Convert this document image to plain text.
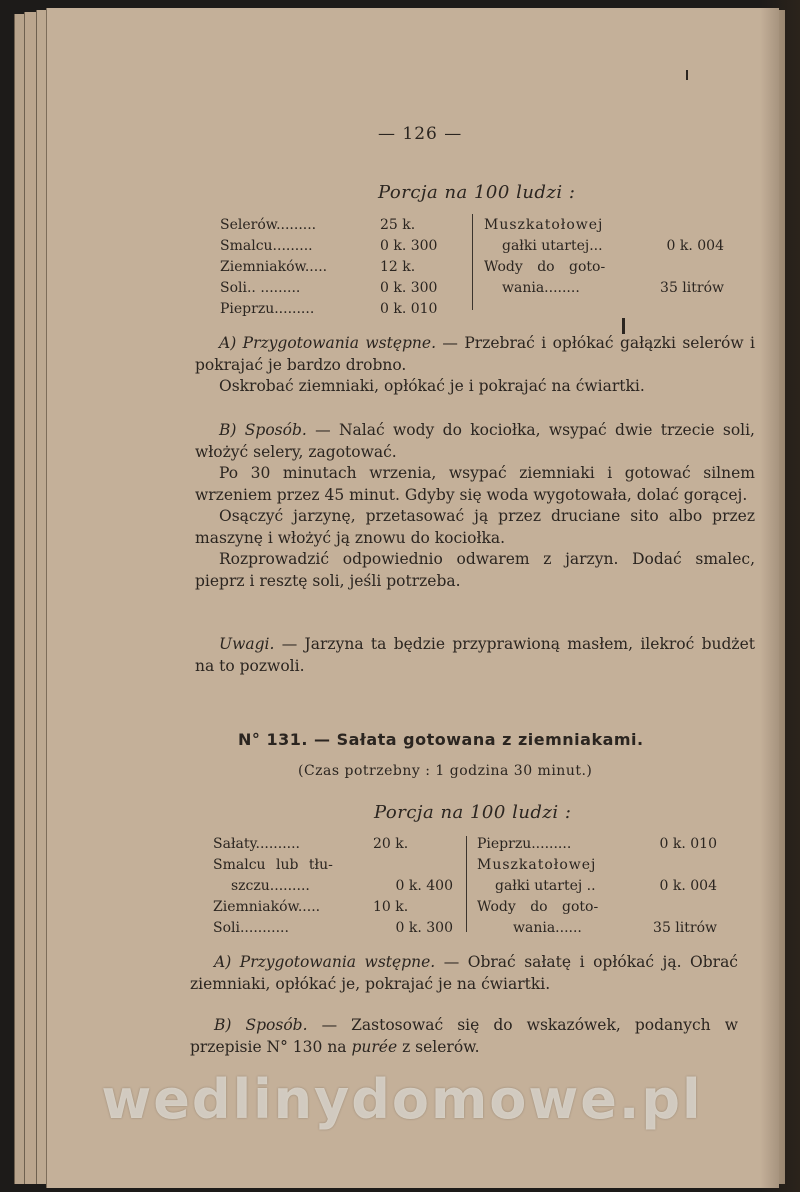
— 126 —
Porcja na 100 ludzi :
Selerów.........	25 k.
Smalcu.........	0 k. 300
Ziemniaków.....	12 k.
Soli.. .........	0 k. 300
Pieprzu.........	0 k. 010
Muszkatołowej
gałki utartej...	0 k. 004
Wody do goto-
wania........	35 litrów

A) Przygotowania wstępne. — Przebrać i opłókać gałązki selerów i pokrajać je bardzo drobno.

Oskrobać ziemniaki, opłókać je i pokrajać na ćwiartki.

B) Sposób. — Nalać wody do kociołka, wsypać dwie trzecie soli, włożyć selery, zagotować.

Po 30 minutach wrzenia, wsypać ziemniaki i gotować silnem wrzeniem przez 45 minut. Gdyby się woda wygotowała, dolać gorącej.

Osączyć jarzynę, przetasować ją przez druciane sito albo przez maszynę i włożyć ją znowu do kociołka.

Rozprowadzić odpowiednio odwarem z jarzyn. Dodać smalec, pieprz i resztę soli, jeśli potrzeba.

Uwagi. — Jarzyna ta będzie przyprawioną masłem, ilekroć budżet na to pozwoli.

N° 131. — Sałata gotowana z ziemniakami.
(Czas potrzebny : 1 godzina 30 minut.)
Porcja na 100 ludzi :
Sałaty..........	20 k.
Smalcu lub tłu-
szczu.........	0 k. 400
Ziemniaków.....	10 k.
Soli...........	0 k. 300
Pieprzu.........	0 k. 010
Muszkatołowej
gałki utartej ..	0 k. 004
Wody do goto-
wania......	35 litrów

A) Przygotowania wstępne. — Obrać sałatę i opłókać ją. Obrać ziemniaki, opłókać je, pokrajać je na ćwiartki.

B) Sposób. — Zastosować się do wskazówek, podanych w przepisie N° 130 na purée z selerów.

wedlinydomowe.pl
